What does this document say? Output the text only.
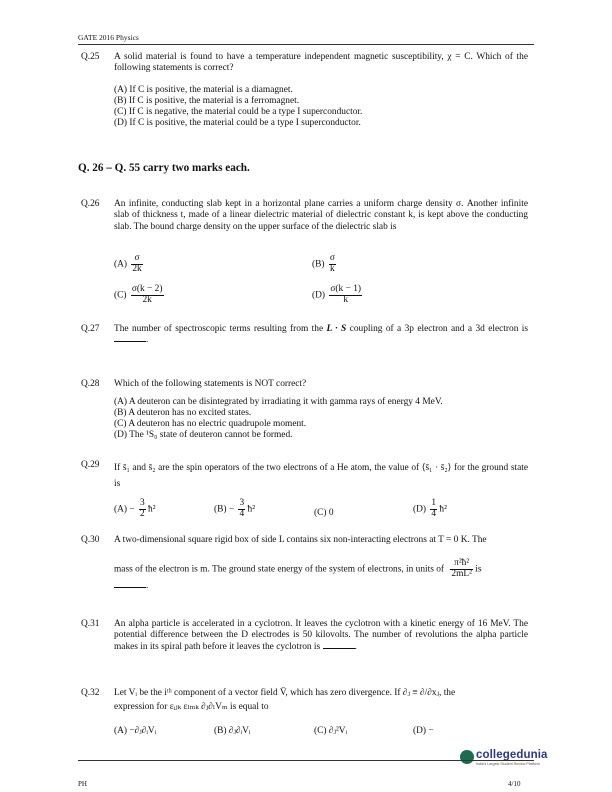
GATE 2016 Physics
Q.25 A solid material is found to have a temperature independent magnetic susceptibility, χ = C. Which of the following statements is correct?
(A) If C is positive, the material is a diamagnet.
(B) If C is positive, the material is a ferromagnet.
(C) If C is negative, the material could be a type I superconductor.
(D) If C is positive, the material could be a type I superconductor.
Q. 26 – Q. 55 carry two marks each.
Q.26 An infinite, conducting slab kept in a horizontal plane carries a uniform charge density σ. Another infinite slab of thickness t, made of a linear dielectric material of dielectric constant k, is kept above the conducting slab. The bound charge density on the upper surface of the dielectric slab is
$(A) \frac{\sigma}{2k}$	$(B) \frac{\sigma}{k}$
$(C) \frac{\sigma(k - 2)}{2k}$	$(D) \frac{\sigma(k - 1)}{k}$
Q.27 The number of spectroscopic terms resulting from the L · S coupling of a 3p electron and a 3d electron is .
Q.28 Which of the following statements is NOT correct?
(A) A deuteron can be disintegrated by irradiating it with gamma rays of energy 4 MeV.
(B) A deuteron has no excited states.
(C) A deuteron has no electric quadrupole moment.
(D) The ¹S₀ state of deuteron cannot be formed.
Q.29 If s̄₁ and s̄₂ are the spin operators of the two electrons of a He atom, the value of ⟨s̄₁ · s̄₂⟩ for the ground state is
$(A) - \frac{3}{2}$ ħ²	$(B) - \frac{3}{4}$ ħ²	(C) 0	$(D) \frac{1}{4}$ ħ²
Q.30 A two-dimensional square rigid box of side L contains six non-interacting electrons at T = 0 K. The
mass of the electron is m. The ground state energy of the system of electrons, in units of $\frac{\text{π²ħ²}}{\text{2mL²}}$ is
.
Q.31 An alpha particle is accelerated in a cyclotron. It leaves the cyclotron with a kinetic energy of 16 MeV. The potential difference between the D electrodes is 50 kilovolts. The number of revolutions the alpha particle makes in its spiral path before it leaves the cyclotron is	.
Q.32 Let Vᵢ be the iᵗʰ component of a vector field V̄, which has zero divergence. If ∂ⱼ ≡ ∂/∂xⱼ, the
expression for εᵢⱼₖ εₗₘₖ ∂ⱼ∂ₗVₘ is equal to
(A) −∂ⱼ∂ᵢVᵢ	(B) ∂ⱼ∂ᵢVᵢ	(C) ∂ⱼ²Vᵢ	(D) −
collegedunia
India's Largest Student Review Platform
PH	4/10
